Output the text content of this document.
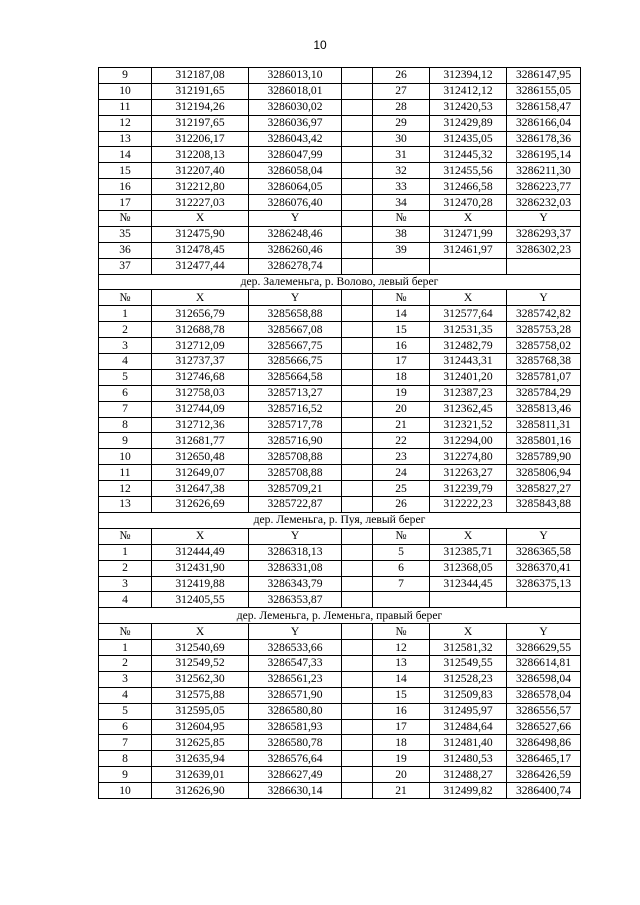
10
9	312187,08	3286013,10		26	312394,12	3286147,95
10	312191,65	3286018,01		27	312412,12	3286155,05
11	312194,26	3286030,02		28	312420,53	3286158,47
12	312197,65	3286036,97		29	312429,89	3286166,04
13	312206,17	3286043,42		30	312435,05	3286178,36
14	312208,13	3286047,99		31	312445,32	3286195,14
15	312207,40	3286058,04		32	312455,56	3286211,30
16	312212,80	3286064,05		33	312466,58	3286223,77
17	312227,03	3286076,40		34	312470,28	3286232,03
№	X	Y		№	X	Y
35	312475,90	3286248,46		38	312471,99	3286293,37
36	312478,45	3286260,46		39	312461,97	3286302,23
37	312477,44	3286278,74				
дер. Залеменьга, р. Волово, левый берег						
№	X	Y		№	X	Y
1	312656,79	3285658,88		14	312577,64	3285742,82
2	312688,78	3285667,08		15	312531,35	3285753,28
3	312712,09	3285667,75		16	312482,79	3285758,02
4	312737,37	3285666,75		17	312443,31	3285768,38
5	312746,68	3285664,58		18	312401,20	3285781,07
6	312758,03	3285713,27		19	312387,23	3285784,29
7	312744,09	3285716,52		20	312362,45	3285813,46
8	312712,36	3285717,78		21	312321,52	3285811,31
9	312681,77	3285716,90		22	312294,00	3285801,16
10	312650,48	3285708,88		23	312274,80	3285789,90
11	312649,07	3285708,88		24	312263,27	3285806,94
12	312647,38	3285709,21		25	312239,79	3285827,27
13	312626,69	3285722,87		26	312222,23	3285843,88
дер. Леменьга, р. Пуя, левый берег						
№	X	Y		№	X	Y
1	312444,49	3286318,13		5	312385,71	3286365,58
2	312431,90	3286331,08		6	312368,05	3286370,41
3	312419,88	3286343,79		7	312344,45	3286375,13
4	312405,55	3286353,87				
дер. Леменьга, р. Леменьга, правый берег						
№	X	Y		№	X	Y
1	312540,69	3286533,66		12	312581,32	3286629,55
2	312549,52	3286547,33		13	312549,55	3286614,81
3	312562,30	3286561,23		14	312528,23	3286598,04
4	312575,88	3286571,90		15	312509,83	3286578,04
5	312595,05	3286580,80		16	312495,97	3286556,57
6	312604,95	3286581,93		17	312484,64	3286527,66
7	312625,85	3286580,78		18	312481,40	3286498,86
8	312635,94	3286576,64		19	312480,53	3286465,17
9	312639,01	3286627,49		20	312488,27	3286426,59
10	312626,90	3286630,14		21	312499,82	3286400,74
